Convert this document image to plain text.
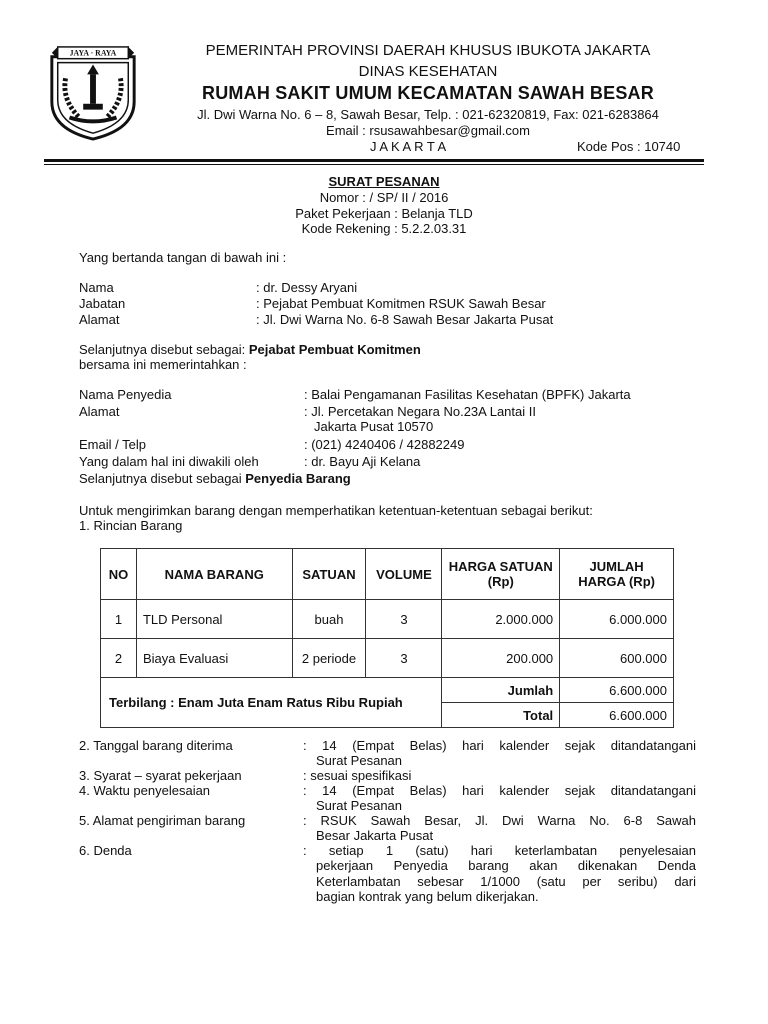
JAYA · RAYA	PEMERINTAH PROVINSI DAERAH KHUSUS IBUKOTA JAKARTA
DINAS KESEHATAN
RUMAH SAKIT UMUM KECAMATAN SAWAH BESAR
Jl. Dwi Warna No. 6 – 8, Sawah Besar, Telp. : 021-62320819, Fax: 021-6283864
Email : rsusawahbesar@gmail.com
J A K A R T A	Kode Pos : 10740
SURAT PESANAN
Nomor : / SP/ II / 2016
Paket Pekerjaan : Belanja TLD
Kode Rekening : 5.2.2.03.31
Yang bertanda tangan di bawah ini :
Nama	: dr. Dessy Aryani
Jabatan	: Pejabat Pembuat Komitmen RSUK Sawah Besar
Alamat	: Jl. Dwi Warna No. 6-8 Sawah Besar Jakarta Pusat
Selanjutnya disebut sebagai: Pejabat Pembuat Komitmen
bersama ini memerintahkan :
Nama Penyedia	: Balai Pengamanan Fasilitas Kesehatan (BPFK) Jakarta
Alamat	: Jl. Percetakan Negara No.23A Lantai II
Jakarta Pusat 10570
Email / Telp	: (021) 4240406 / 42882249
Yang dalam hal ini diwakili oleh	: dr. Bayu Aji Kelana
Selanjutnya disebut sebagai Penyedia Barang
Untuk mengirimkan barang dengan memperhatikan ketentuan-ketentuan sebagai berikut:
1. Rincian Barang
NO	NAMA BARANG	SATUAN	VOLUME	HARGA SATUAN (Rp)	JUMLAH HARGA (Rp)
1	TLD Personal	buah	3	2.000.000	6.000.000
2	Biaya Evaluasi	2 periode	3	200.000	600.000
Terbilang : Enam Juta Enam Ratus Ribu Rupiah				Jumlah	6.600.000
				Total	6.600.000
2. Tanggal barang diterima	: 14 (Empat Belas) hari kalender sejak ditandatangani
Surat Pesanan
3. Syarat – syarat pekerjaan	: sesuai spesifikasi
4. Waktu penyelesaian	: 14 (Empat Belas) hari kalender sejak ditandatangani
Surat Pesanan
5. Alamat pengiriman barang	: RSUK Sawah Besar, Jl. Dwi Warna No. 6-8 Sawah
Besar Jakarta Pusat
6. Denda	: setiap 1 (satu) hari keterlambatan penyelesaian
pekerjaan Penyedia barang akan dikenakan Denda
Keterlambatan sebesar 1/1000 (satu per seribu) dari
bagian kontrak yang belum dikerjakan.
